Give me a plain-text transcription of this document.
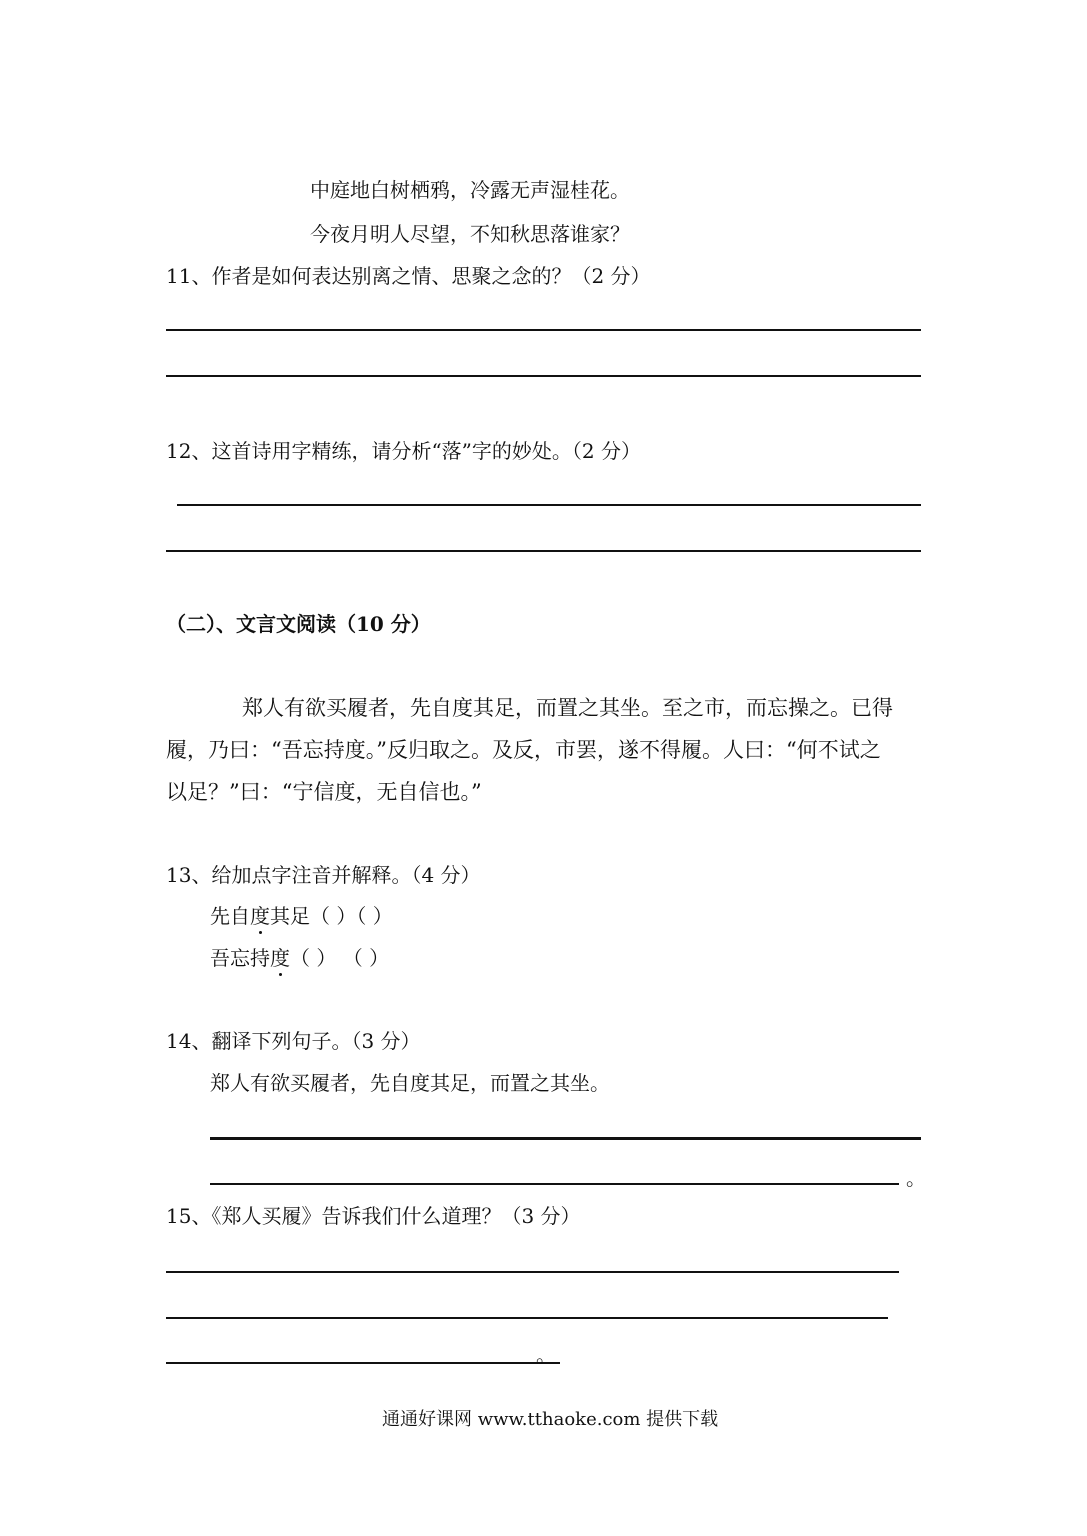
中庭地白树栖鸦，冷露无声湿桂花。
今夜月明人尽望，不知秋思落谁家？
11、作者是如何表达别离之情、思聚之念的？（2 分）
12、这首诗用字精练，请分析“落”字的妙处。（2 分）
（二）、文言文阅读（10 分）
郑人有欲买履者，先自度其足，而置之其坐。至之市，而忘操之。已得
履，乃曰：“吾忘持度。”反归取之。及反，市罢，遂不得履。人曰：“何不试之
以足？”曰：“宁信度，无自信也。”
13、给加点字注音并解释。（4 分）
先自度其足（ ）（ ）
吾忘持度（ ） （ ）
14、翻译下列句子。（3 分）
郑人有欲买履者，先自度其足，而置之其坐。
。
15、《郑人买履》告诉我们什么道理？（3 分）
。
通通好课网 www.tthaoke.com 提供下载
